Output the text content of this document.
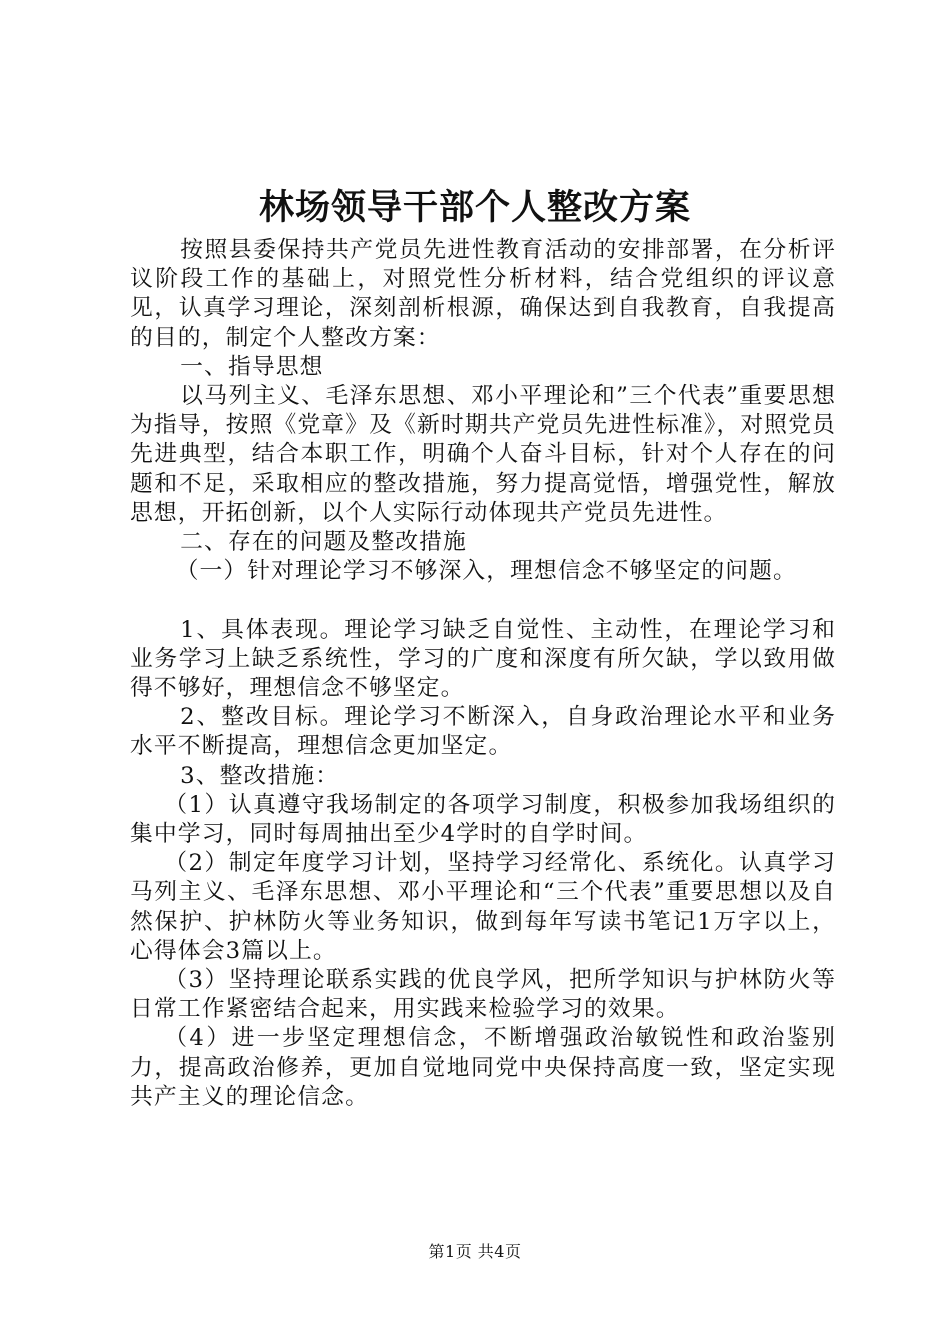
林场领导干部个人整改方案

按照县委保持共产党员先进性教育活动的安排部署，在分析评议阶段工作的基础上，对照党性分析材料，结合党组织的评议意见，认真学习理论，深刻剖析根源，确保达到自我教育，自我提高的目的，制定个人整改方案：

一、指导思想

以马列主义、毛泽东思想、邓小平理论和”三个代表”重要思想为指导，按照《党章》及《新时期共产党员先进性标准》，对照党员先进典型，结合本职工作，明确个人奋斗目标，针对个人存在的问题和不足，采取相应的整改措施，努力提高觉悟，增强党性，解放思想，开拓创新，以个人实际行动体现共产党员先进性。

二、存在的问题及整改措施

（一）针对理论学习不够深入，理想信念不够坚定的问题。

1、具体表现。理论学习缺乏自觉性、主动性，在理论学习和业务学习上缺乏系统性，学习的广度和深度有所欠缺，学以致用做得不够好，理想信念不够坚定。

2、整改目标。理论学习不断深入，自身政治理论水平和业务水平不断提高，理想信念更加坚定。

3、整改措施：

（1）认真遵守我场制定的各项学习制度，积极参加我场组织的集中学习，同时每周抽出至少4学时的自学时间。

（2）制定年度学习计划，坚持学习经常化、系统化。认真学习马列主义、毛泽东思想、邓小平理论和“三个代表”重要思想以及自然保护、护林防火等业务知识，做到每年写读书笔记1万字以上，心得体会3篇以上。

（3）坚持理论联系实践的优良学风，把所学知识与护林防火等日常工作紧密结合起来，用实践来检验学习的效果。

（4）进一步坚定理想信念，不断增强政治敏锐性和政治鉴别力，提高政治修养，更加自觉地同党中央保持高度一致，坚定实现共产主义的理论信念。

第1页 共4页
